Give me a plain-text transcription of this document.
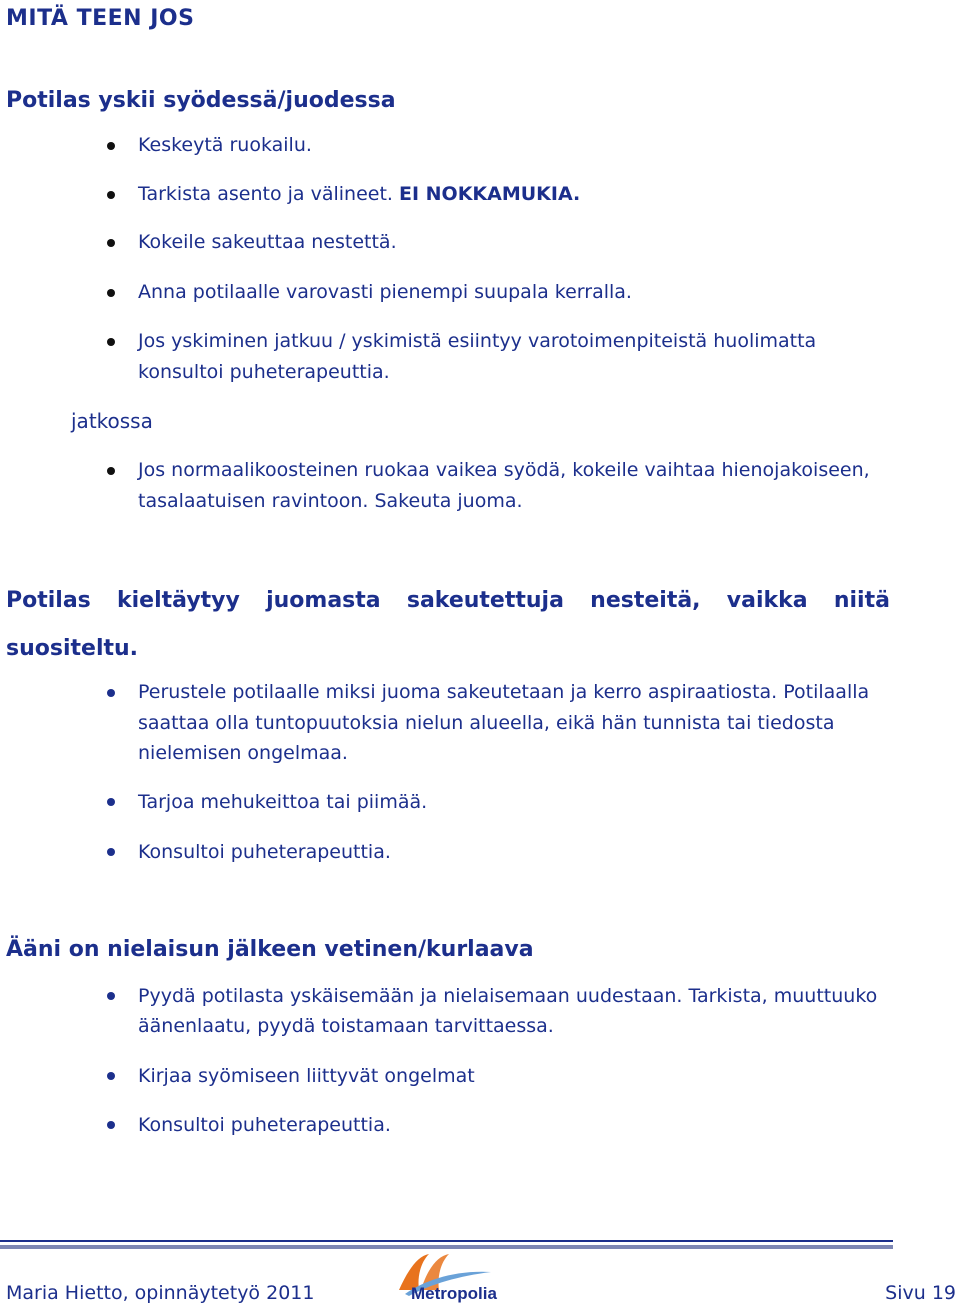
MITÄ TEEN JOS
Potilas yskii syödessä/juodessa
Keskeytä ruokailu.
Tarkista asento ja välineet. EI NOKKAMUKIA.
Kokeile sakeuttaa nestettä.
Anna potilaalle varovasti pienempi suupala kerralla.
Jos yskiminen jatkuu / yskimistä esiintyy varotoimenpiteistä huolimatta
konsultoi puheterapeuttia.
jatkossa
Jos normaalikoosteinen ruokaa vaikea syödä, kokeile vaihtaa hienojakoiseen,
tasalaatuisen ravintoon. Sakeuta juoma.
Potilas kieltäytyy juomasta sakeutettuja nesteitä, vaikka niitä
suositeltu.
Perustele potilaalle miksi juoma sakeutetaan ja kerro aspiraatiosta. Potilaalla
saattaa olla tuntopuutoksia nielun alueella, eikä hän tunnista tai tiedosta
nielemisen ongelmaa.
Tarjoa mehukeittoa tai piimää.
Konsultoi puheterapeuttia.
Ääni on nielaisun jälkeen vetinen/kurlaava
Pyydä potilasta yskäisemään ja nielaisemaan uudestaan. Tarkista, muuttuuko
äänenlaatu, pyydä toistamaan tarvittaessa.
Kirjaa syömiseen liittyvät ongelmat
Konsultoi puheterapeuttia.
Maria Hietto, opinnäytetyö 2011	Metropolia	Sivu 19
